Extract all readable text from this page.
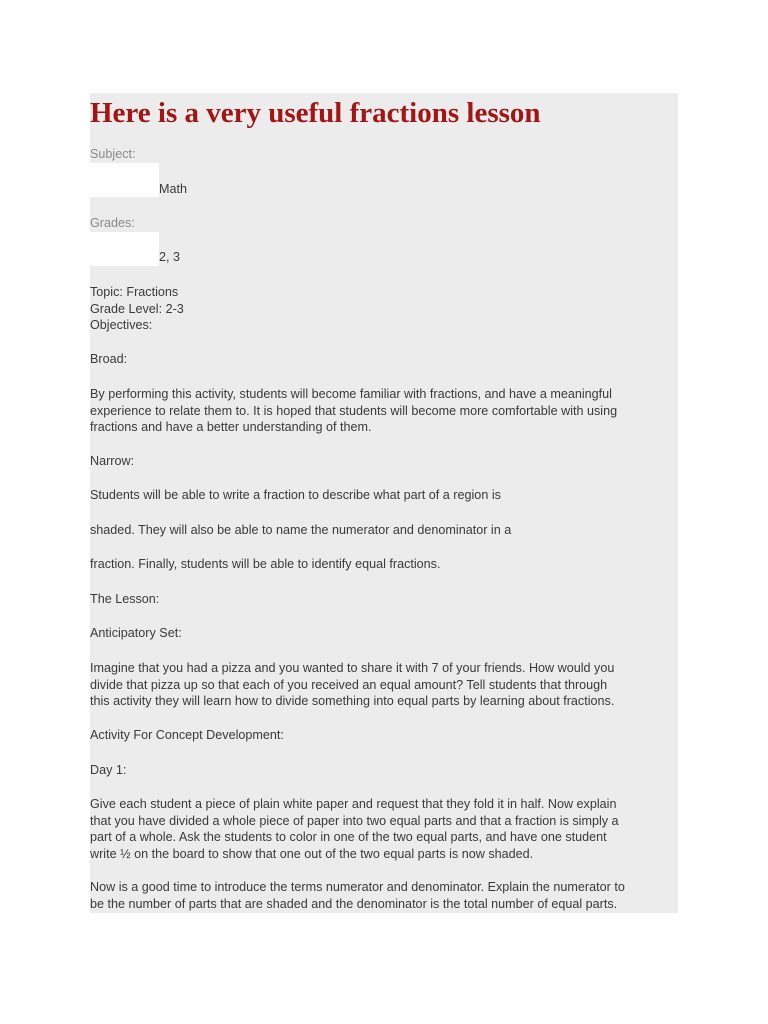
Here is a very useful fractions lesson

Subject:

Math

Grades:

2, 3

Topic: Fractions

Grade Level: 2-3

Objectives:

Broad:

By performing this activity, students will become familiar with fractions, and have a meaningful
experience to relate them to. It is hoped that students will become more comfortable with using
fractions and have a better understanding of them.

Narrow:

Students will be able to write a fraction to describe what part of a region is

shaded. They will also be able to name the numerator and denominator in a

fraction. Finally, students will be able to identify equal fractions.

The Lesson:

Anticipatory Set:

Imagine that you had a pizza and you wanted to share it with 7 of your friends. How would you
divide that pizza up so that each of you received an equal amount? Tell students that through
this activity they will learn how to divide something into equal parts by learning about fractions.

Activity For Concept Development:

Day 1:

Give each student a piece of plain white paper and request that they fold it in half. Now explain
that you have divided a whole piece of paper into two equal parts and that a fraction is simply a
part of a whole. Ask the students to color in one of the two equal parts, and have one student
write ½ on the board to show that one out of the two equal parts is now shaded.
Now is a good time to introduce the terms numerator and denominator. Explain the numerator to
be the number of parts that are shaded and the denominator is the total number of equal parts.
